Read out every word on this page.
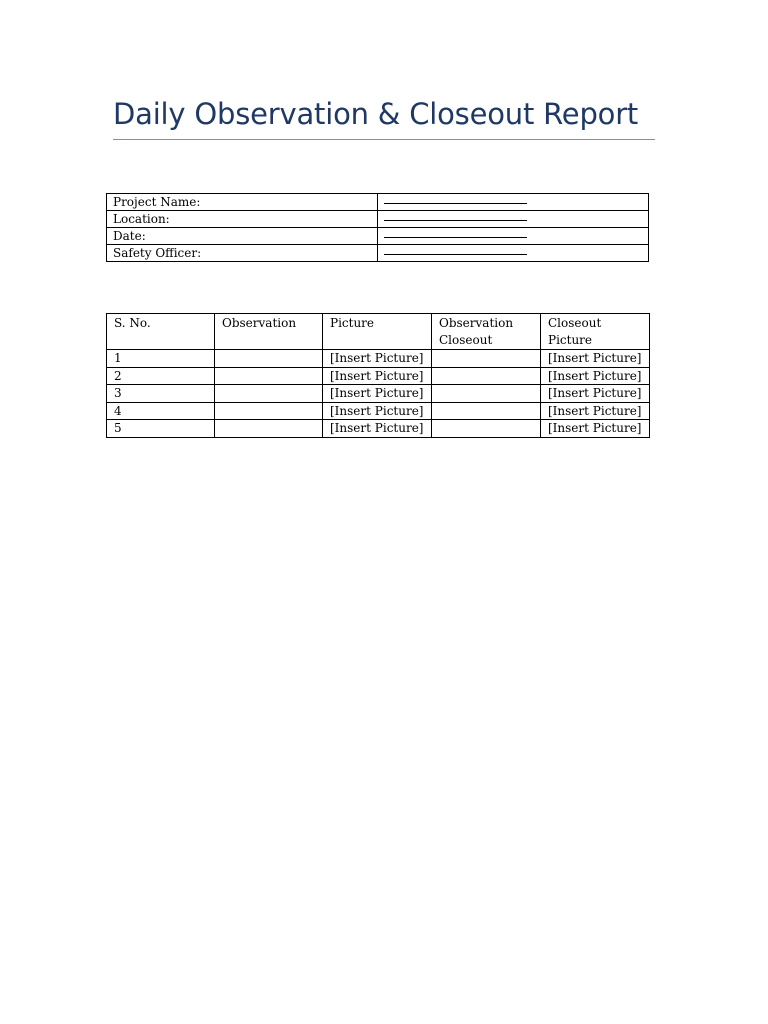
Daily Observation & Closeout Report
Project Name:	
Location:	
Date:	
Safety Officer:	
S. No.	Observation	Picture	Observation Closeout	Closeout Picture
1		[Insert Picture]		[Insert Picture]
2		[Insert Picture]		[Insert Picture]
3		[Insert Picture]		[Insert Picture]
4		[Insert Picture]		[Insert Picture]
5		[Insert Picture]		[Insert Picture]
